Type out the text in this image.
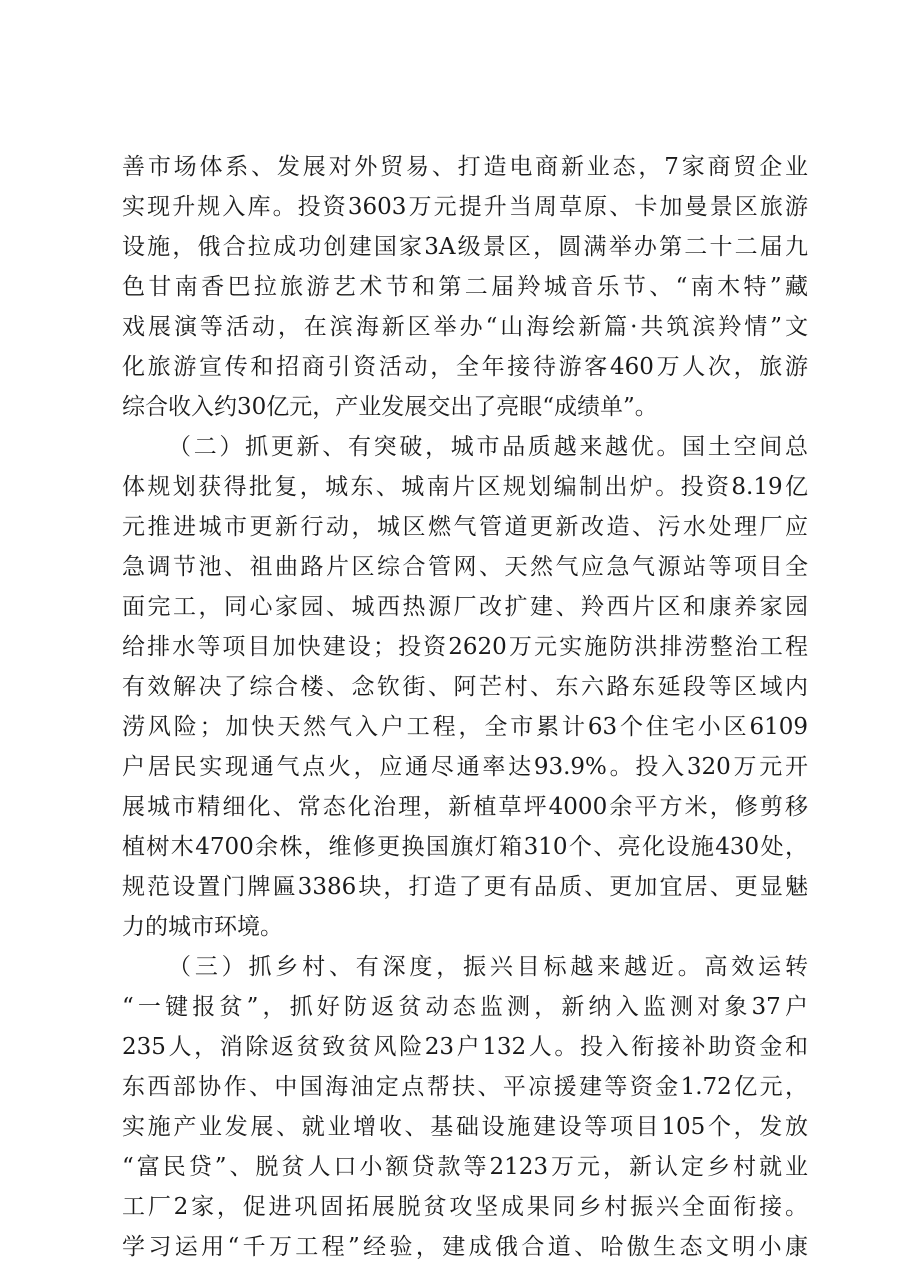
善市场体系、发展对外贸易、打造电商新业态，7家商贸企业
实现升规入库。投资3603万元提升当周草原、卡加曼景区旅游
设施，俄合拉成功创建国家3A级景区，圆满举办第二十二届九
色甘南香巴拉旅游艺术节和第二届羚城音乐节、“南木特”藏
戏展演等活动，在滨海新区举办“山海绘新篇·共筑滨羚情”文
化旅游宣传和招商引资活动，全年接待游客460万人次，旅游
综合收入约30亿元，产业发展交出了亮眼“成绩单”。
（二）抓更新、有突破，城市品质越来越优。国土空间总
体规划获得批复，城东、城南片区规划编制出炉。投资8.19亿
元推进城市更新行动，城区燃气管道更新改造、污水处理厂应
急调节池、祖曲路片区综合管网、天然气应急气源站等项目全
面完工，同心家园、城西热源厂改扩建、羚西片区和康养家园
给排水等项目加快建设；投资2620万元实施防洪排涝整治工程
有效解决了综合楼、念钦街、阿芒村、东六路东延段等区域内
涝风险；加快天然气入户工程，全市累计63个住宅小区6109
户居民实现通气点火，应通尽通率达93.9%。投入320万元开
展城市精细化、常态化治理，新植草坪4000余平方米，修剪移
植树木4700余株，维修更换国旗灯箱310个、亮化设施430处，
规范设置门牌匾3386块，打造了更有品质、更加宜居、更显魅
力的城市环境。
（三）抓乡村、有深度，振兴目标越来越近。高效运转
“一键报贫”，抓好防返贫动态监测，新纳入监测对象37户
235人，消除返贫致贫风险23户132人。投入衔接补助资金和
东西部协作、中国海油定点帮扶、平凉援建等资金1.72亿元，
实施产业发展、就业增收、基础设施建设等项目105个，发放
“富民贷”、脱贫人口小额贷款等2123万元，新认定乡村就业
工厂2家，促进巩固拓展脱贫攻坚成果同乡村振兴全面衔接。
学习运用“千万工程”经验，建成俄合道、哈傲生态文明小康
